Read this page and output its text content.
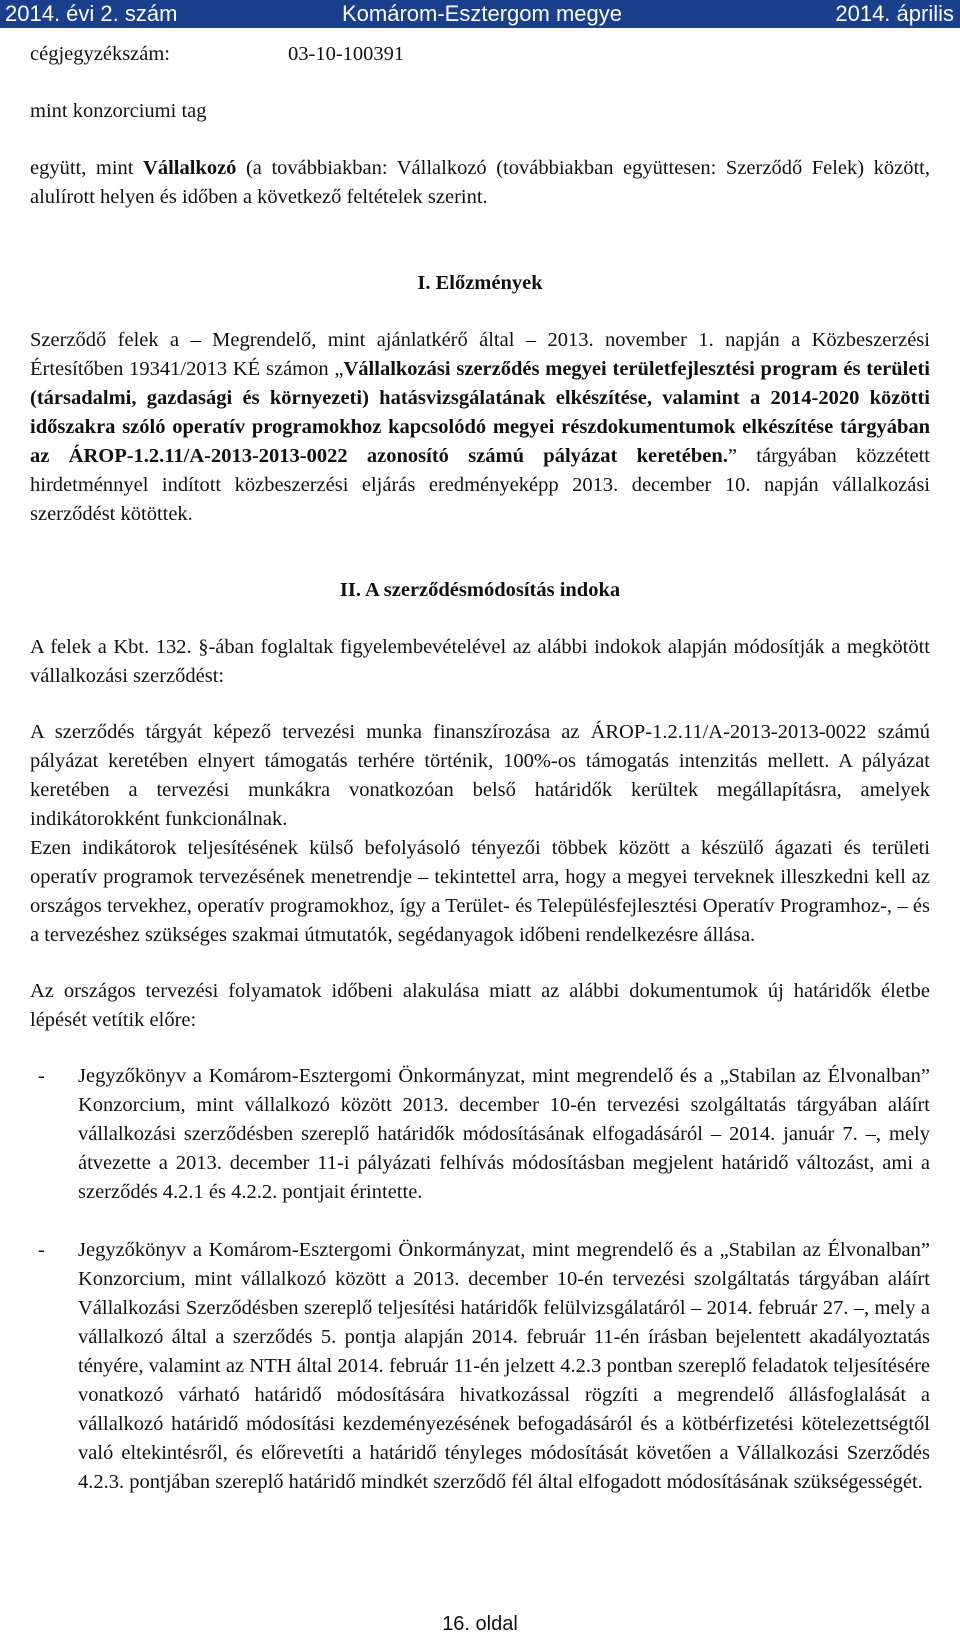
2014. évi 2. szám	Komárom-Esztergom megye	2014. április
cégjegyzékszám:	03-10-100391
mint konzorciumi tag

együtt, mint Vállalkozó (a továbbiakban: Vállalkozó (továbbiakban együttesen: Szerződő Felek) között, alulírott helyen és időben a következő feltételek szerint.

I. Előzmények

Szerződő felek a – Megrendelő, mint ajánlatkérő által – 2013. november 1. napján a Közbeszerzési Értesítőben 19341/2013 KÉ számon „Vállalkozási szerződés megyei területfejlesztési program és területi (társadalmi, gazdasági és környezeti) hatásvizsgálatának elkészítése, valamint a 2014-2020 közötti időszakra szóló operatív programokhoz kapcsolódó megyei részdokumentumok elkészítése tárgyában az ÁROP-1.2.11/A-2013-2013-0022 azonosító számú pályázat keretében.” tárgyában közzétett hirdetménnyel indított közbeszerzési eljárás eredményeképp 2013. december 10. napján vállalkozási szerződést kötöttek.

II. A szerződésmódosítás indoka

A felek a Kbt. 132. §-ában foglaltak figyelembevételével az alábbi indokok alapján módosítják a megkötött vállalkozási szerződést:

A szerződés tárgyát képező tervezési munka finanszírozása az ÁROP-1.2.11/A-2013-2013-0022 számú pályázat keretében elnyert támogatás terhére történik, 100%-os támogatás intenzitás mellett. A pályázat keretében a tervezési munkákra vonatkozóan belső határidők kerültek megállapításra, amelyek indikátorokként funkcionálnak.

Ezen indikátorok teljesítésének külső befolyásoló tényezői többek között a készülő ágazati és területi operatív programok tervezésének menetrendje – tekintettel arra, hogy a megyei terveknek illeszkedni kell az országos tervekhez, operatív programokhoz, így a Terület- és Településfejlesztési Operatív Programhoz-, – és a tervezéshez szükséges szakmai útmutatók, segédanyagok időbeni rendelkezésre állása.

Az országos tervezési folyamatok időbeni alakulása miatt az alábbi dokumentumok új határidők életbe lépését vetítik előre:

- Jegyzőkönyv a Komárom-Esztergomi Önkormányzat, mint megrendelő és a „Stabilan az Élvonalban” Konzorcium, mint vállalkozó között 2013. december 10-én tervezési szolgáltatás tárgyában aláírt vállalkozási szerződésben szereplő határidők módosításának elfogadásáról – 2014. január 7. –, mely átvezette a 2013. december 11-i pályázati felhívás módosításban megjelent határidő változást, ami a szerződés 4.2.1 és 4.2.2. pontjait érintette.

- Jegyzőkönyv a Komárom-Esztergomi Önkormányzat, mint megrendelő és a „Stabilan az Élvonalban” Konzorcium, mint vállalkozó között a 2013. december 10-én tervezési szolgáltatás tárgyában aláírt Vállalkozási Szerződésben szereplő teljesítési határidők felülvizsgálatáról – 2014. február 27. –, mely a vállalkozó által a szerződés 5. pontja alapján 2014. február 11-én írásban bejelentett akadályoztatás tényére, valamint az NTH által 2014. február 11-én jelzett 4.2.3 pontban szereplő feladatok teljesítésére vonatkozó várható határidő módosítására hivatkozással rögzíti a megrendelő állásfoglalását a vállalkozó határidő módosítási kezdeményezésének befogadásáról és a kötbérfizetési kötelezettségtől való eltekintésről, és előrevetíti a határidő tényleges módosítását követően a Vállalkozási Szerződés 4.2.3. pontjában szereplő határidő mindkét szerződő fél által elfogadott módosításának szükségességét.

16. oldal
